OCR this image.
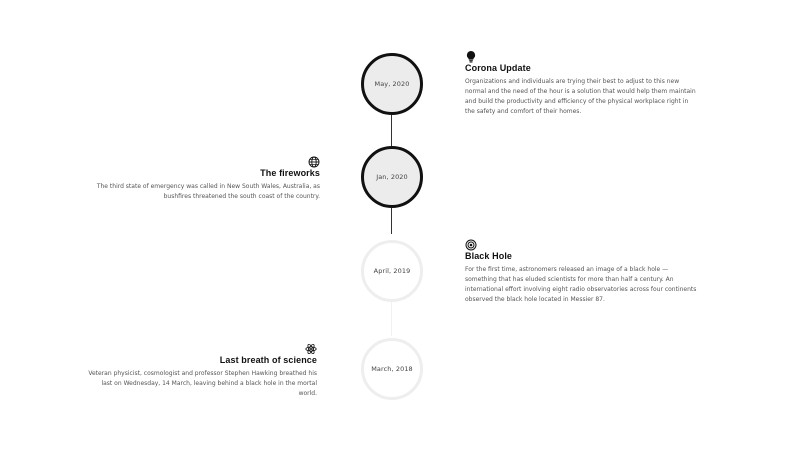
May, 2020
Jan, 2020
April, 2019
March, 2018
Corona Update

Organizations and individuals are trying their best to adjust to this new normal and the need of the hour is a solution that would help them maintain and build the productivity and efficiency of the physical workplace right in the safety and comfort of their homes.

The fireworks

The third state of emergency was called in New South Wales, Australia, as bushfires threatened the south coast of the country.

Black Hole

For the first time, astronomers released an image of a black hole — something that has eluded scientists for more than half a century. An international effort involving eight radio observatories across four continents observed the black hole located in Messier 87.

Last breath of science

Veteran physicist, cosmologist and professor Stephen Hawking breathed his last on Wednesday, 14 March, leaving behind a black hole in the mortal world.
